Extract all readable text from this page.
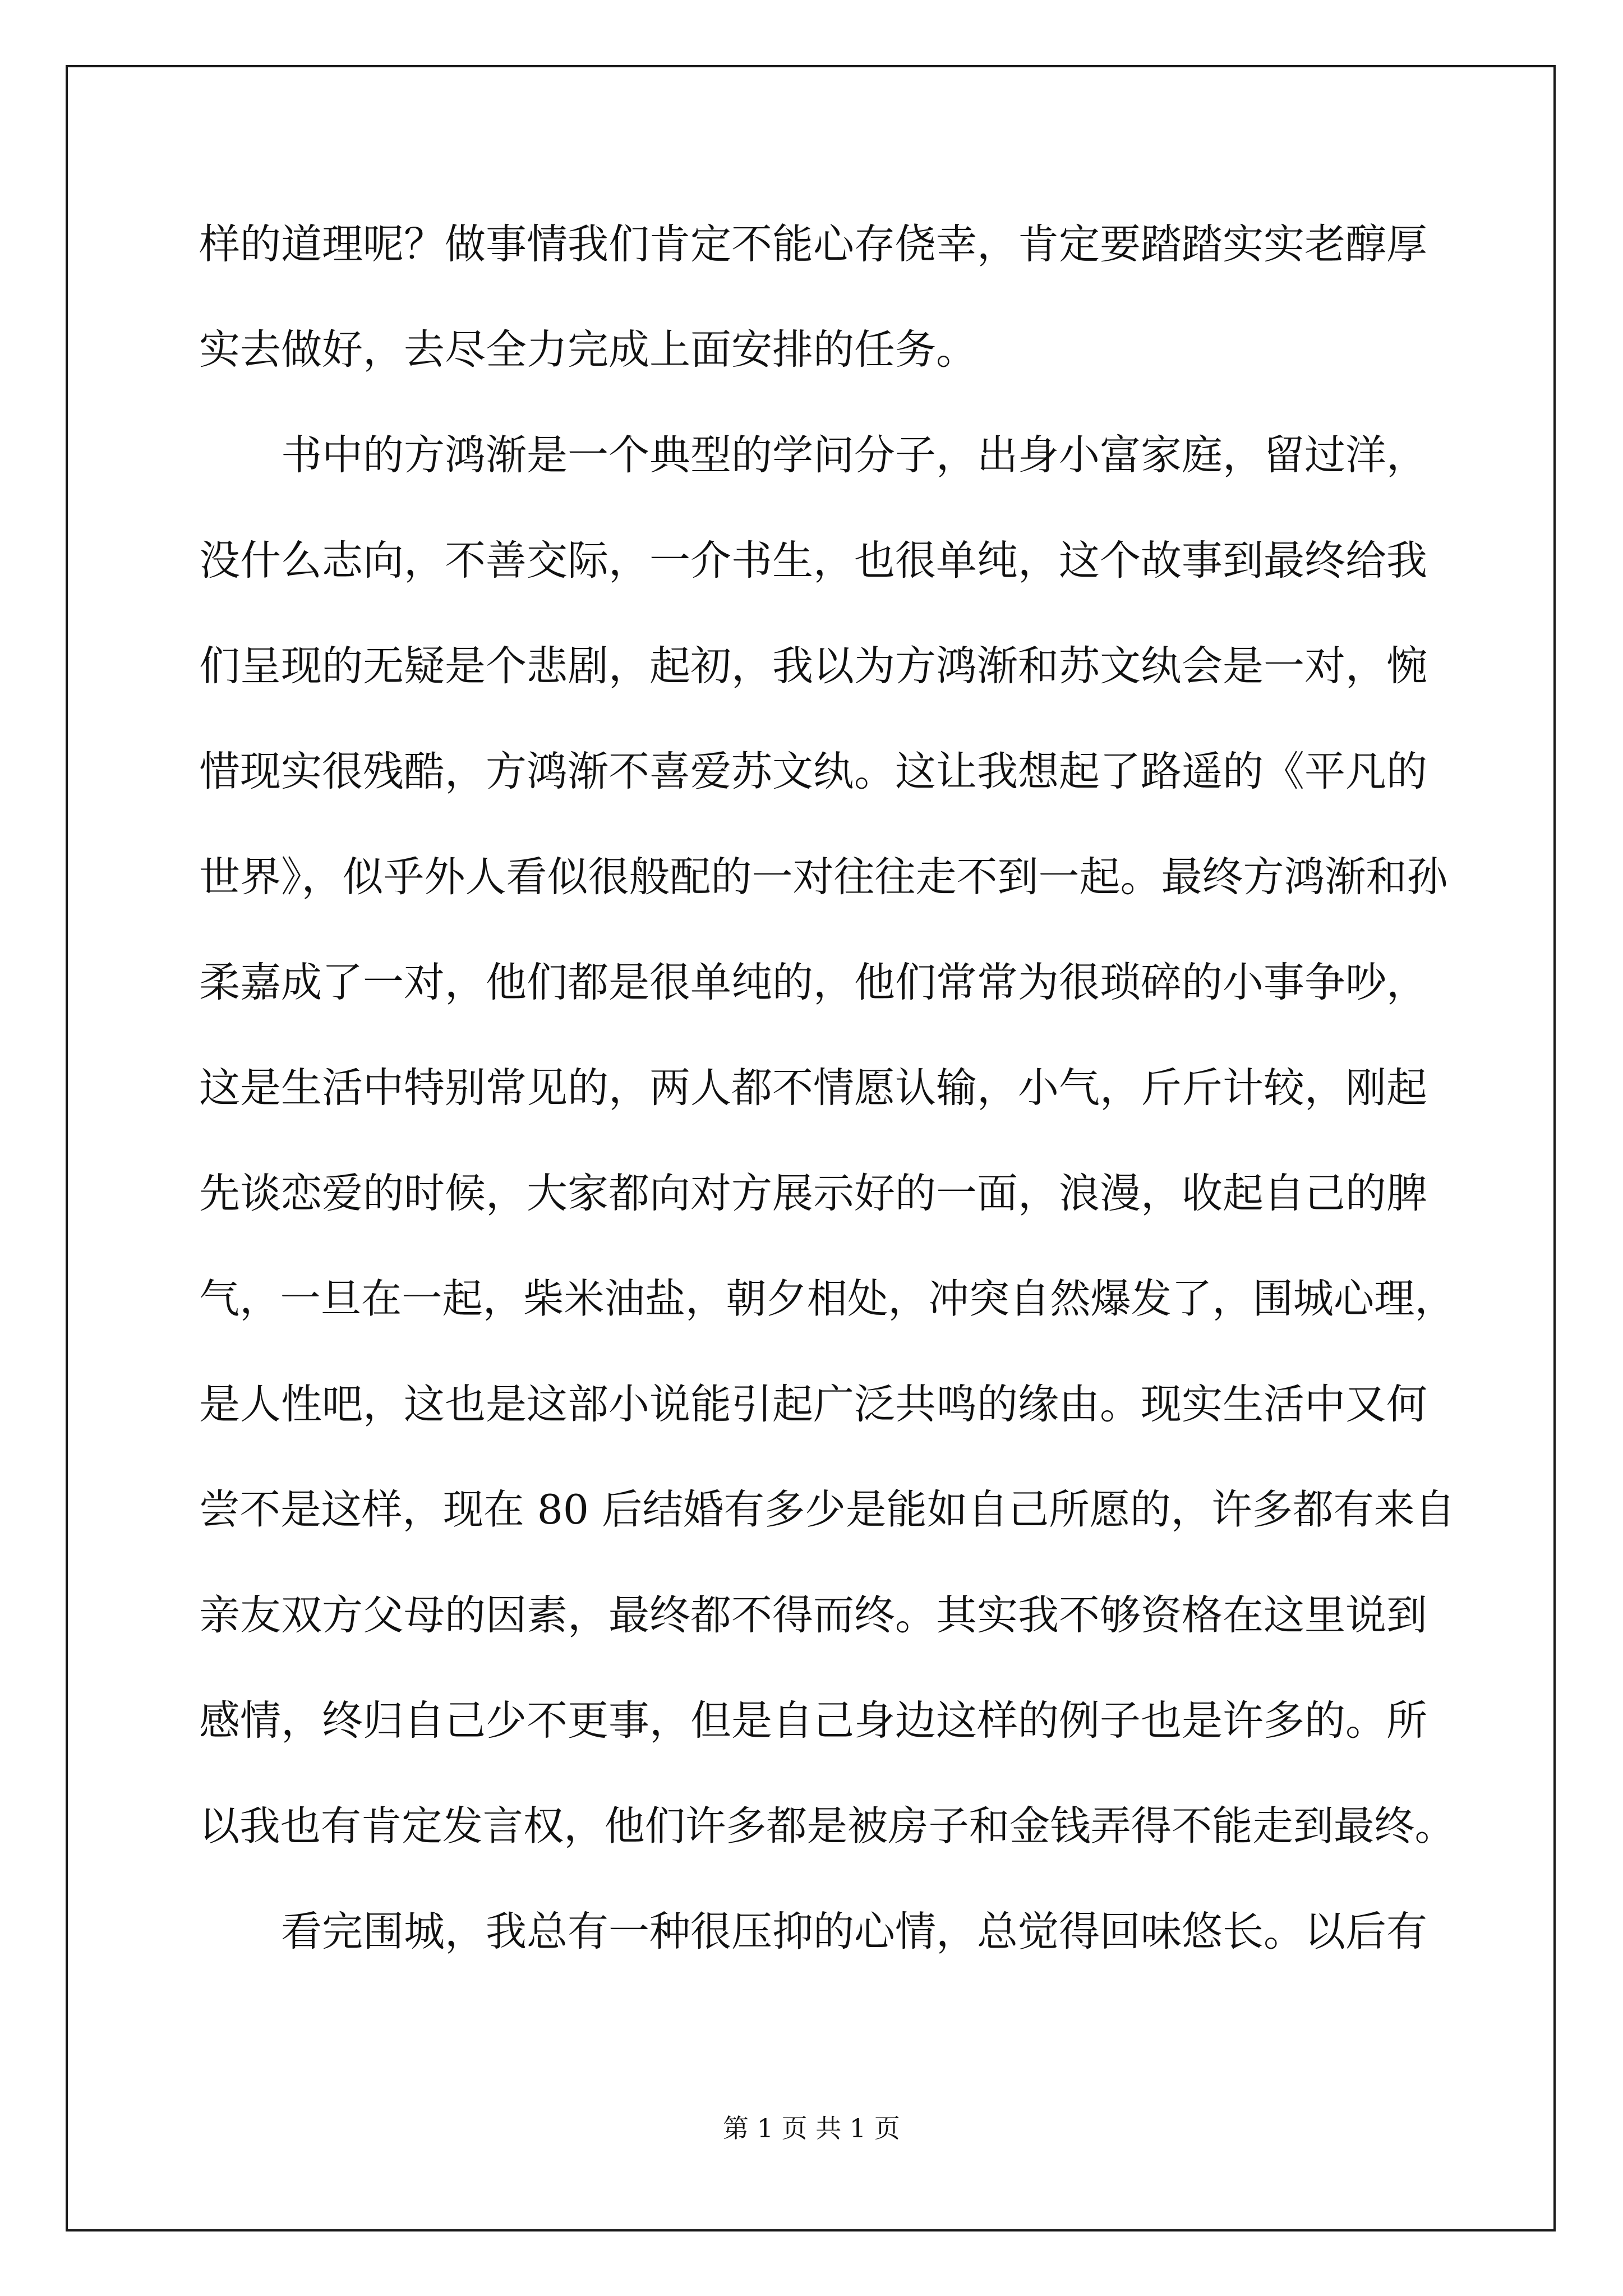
样的道理呢？做事情我们肯定不能心存侥幸，肯定要踏踏实实老醇厚
实去做好，去尽全力完成上面安排的任务。
书中的方鸿渐是一个典型的学问分子，出身小富家庭，留过洋，
没什么志向，不善交际，一介书生，也很单纯，这个故事到最终给我
们呈现的无疑是个悲剧，起初，我以为方鸿渐和苏文纨会是一对，惋
惜现实很残酷，方鸿渐不喜爱苏文纨。这让我想起了路遥的《平凡的
世界》，似乎外人看似很般配的一对往往走不到一起。最终方鸿渐和孙
柔嘉成了一对，他们都是很单纯的，他们常常为很琐碎的小事争吵，
这是生活中特别常见的，两人都不情愿认输，小气，斤斤计较，刚起
先谈恋爱的时候，大家都向对方展示好的一面，浪漫，收起自己的脾
气，一旦在一起，柴米油盐，朝夕相处，冲突自然爆发了，围城心理，
是人性吧，这也是这部小说能引起广泛共鸣的缘由。现实生活中又何
尝不是这样，现在 80 后结婚有多少是能如自己所愿的，许多都有来自
亲友双方父母的因素，最终都不得而终。其实我不够资格在这里说到
感情，终归自己少不更事，但是自己身边这样的例子也是许多的。所
以我也有肯定发言权，他们许多都是被房子和金钱弄得不能走到最终。
看完围城，我总有一种很压抑的心情，总觉得回味悠长。以后有
第 1 页 共 1 页
